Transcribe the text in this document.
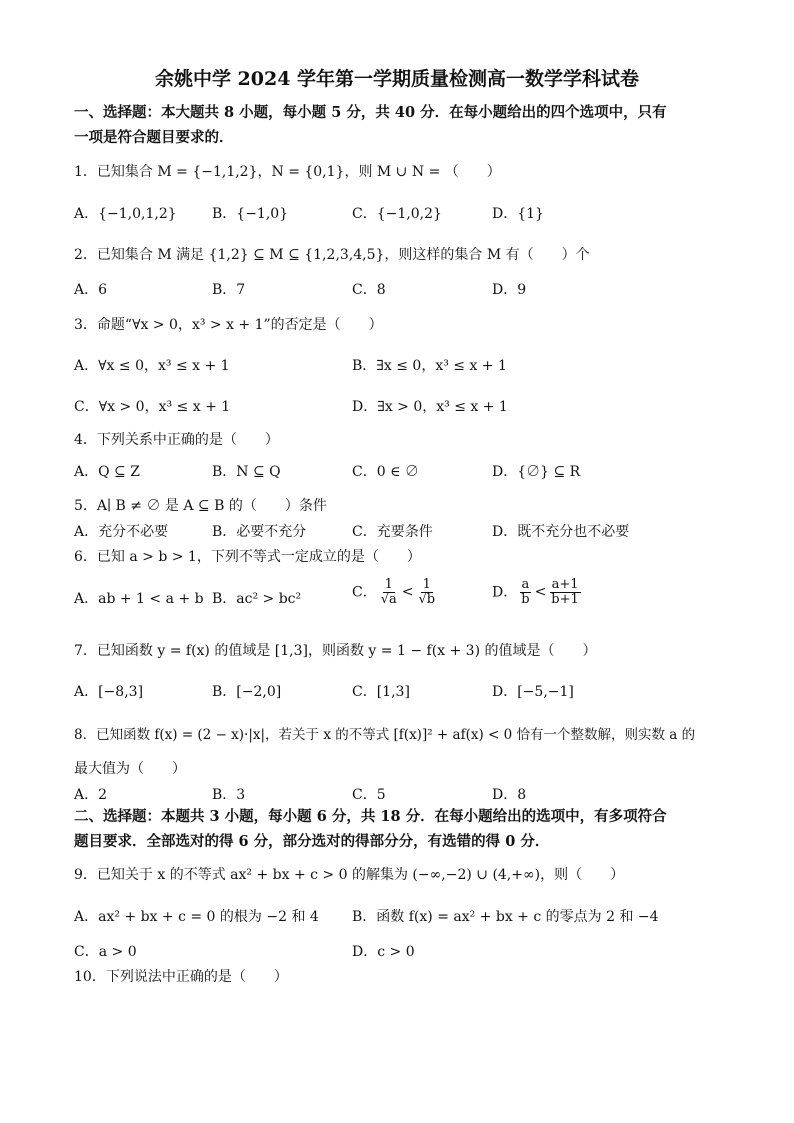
余姚中学 2024 学年第一学期质量检测高一数学学科试卷
一、选择题：本大题共 8 小题，每小题 5 分，共 40 分．在每小题给出的四个选项中，只有
一项是符合题目要求的．
1．已知集合 M = {−1,1,2}，N = {0,1}，则 M ∪ N = （　　）
A．{−1,0,1,2}	B．{−1,0}	C．{−1,0,2}	D．{1}
2．已知集合 M 满足 {1,2} ⊆ M ⊆ {1,2,3,4,5}，则这样的集合 M 有（　　）个
A．6	B．7	C．8	D．9
3．命题“∀x > 0，x³ > x + 1”的否定是（　　）
A．∀x ≤ 0，x³ ≤ x + 1	B．∃x ≤ 0，x³ ≤ x + 1
C．∀x > 0，x³ ≤ x + 1	D．∃x > 0，x³ ≤ x + 1
4．下列关系中正确的是（　　）
A．Q ⊆ Z	B．N ⊆ Q	C．0 ∈ ∅	D．{∅} ⊆ R
5．A∣ B ≠ ∅ 是 A ⊆ B 的（　　）条件
A．充分不必要	B．必要不充分	C．充要条件	D．既不充分也不必要
6．已知 a > b > 1，下列不等式一定成立的是（　　）
A．ab + 1 < a + b B．ac² > bc²	C． $\frac{1}{√a} < \frac{1}{√b}$	D． $\frac{a}{b} < \frac{a+1}{b+1}$
7．已知函数 y = f(x) 的值域是 [1,3]，则函数 y = 1 − f(x + 3) 的值域是（　　）
A．[−8,3]	B．[−2,0]	C．[1,3]	D．[−5,−1]
8．已知函数 f(x) = (2 − x)·|x|，若关于 x 的不等式 [f(x)]² + af(x) < 0 恰有一个整数解，则实数 a 的
最大值为（　　）
A．2	B．3	C．5	D．8
二、选择题：本题共 3 小题，每小题 6 分，共 18 分．在每小题给出的选项中，有多项符合
题目要求．全部选对的得 6 分，部分选对的得部分分，有选错的得 0 分．
9．已知关于 x 的不等式 ax² + bx + c > 0 的解集为 (−∞,−2) ∪ (4,+∞)，则（　　）
A．ax² + bx + c = 0 的根为 −2 和 4 B．函数 f(x) = ax² + bx + c 的零点为 2 和 −4
C．a > 0	D．c > 0
10．下列说法中正确的是（　　）
